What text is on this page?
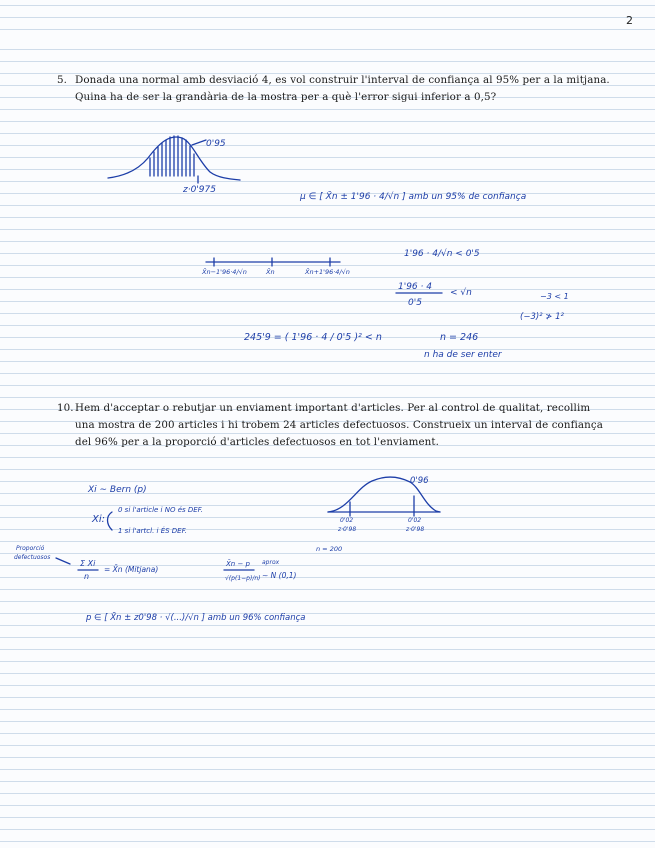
2
5. Donada una normal amb desviació 4, es vol construir l'interval de confiança al 95% per a la mitjana.
Quina ha de ser la grandària de la mostra per a què l'error sigui inferior a 0,5?
10. Hem d'acceptar o rebutjar un enviament important d'articles. Per al control de qualitat, recollim
una mostra de 200 articles i hi trobem 24 articles defectuosos. Construeix un interval de confiança
del 96% per a la proporció d'articles defectuosos en tot l'enviament.
0'95
z·0'975
μ ∈ [ X̄n ± 1'96 · 4/√n ] amb un 95% de confiança
X̄n−1'96·4/√n	X̄n	X̄n+1'96·4/√n
1'96 · 4/√n < 0'5
1'96 · 4
0'5
< √n	−3 < 1
(−3)² ≯ 1²
245'9 = ( 1'96 · 4 / 0'5 )² < n	n = 246
n ha de ser enter
Xi ∼ Bern (p)
Xi:
0 si l'article i NO és DEF.
1 si l'artcl. i ÉS DEF.
Proporció
defectuosos
Σ Xi
n
= X̄n (Mitjana)
X̄n − p
√(p(1−p)/n)
aprox
∼ N (0,1)
0'96
0'02
z·0'98
0'02
z·0'98
n = 200
p ∈ [ X̄n ± z0'98 · √(...)/√n ] amb un 96% confiança
